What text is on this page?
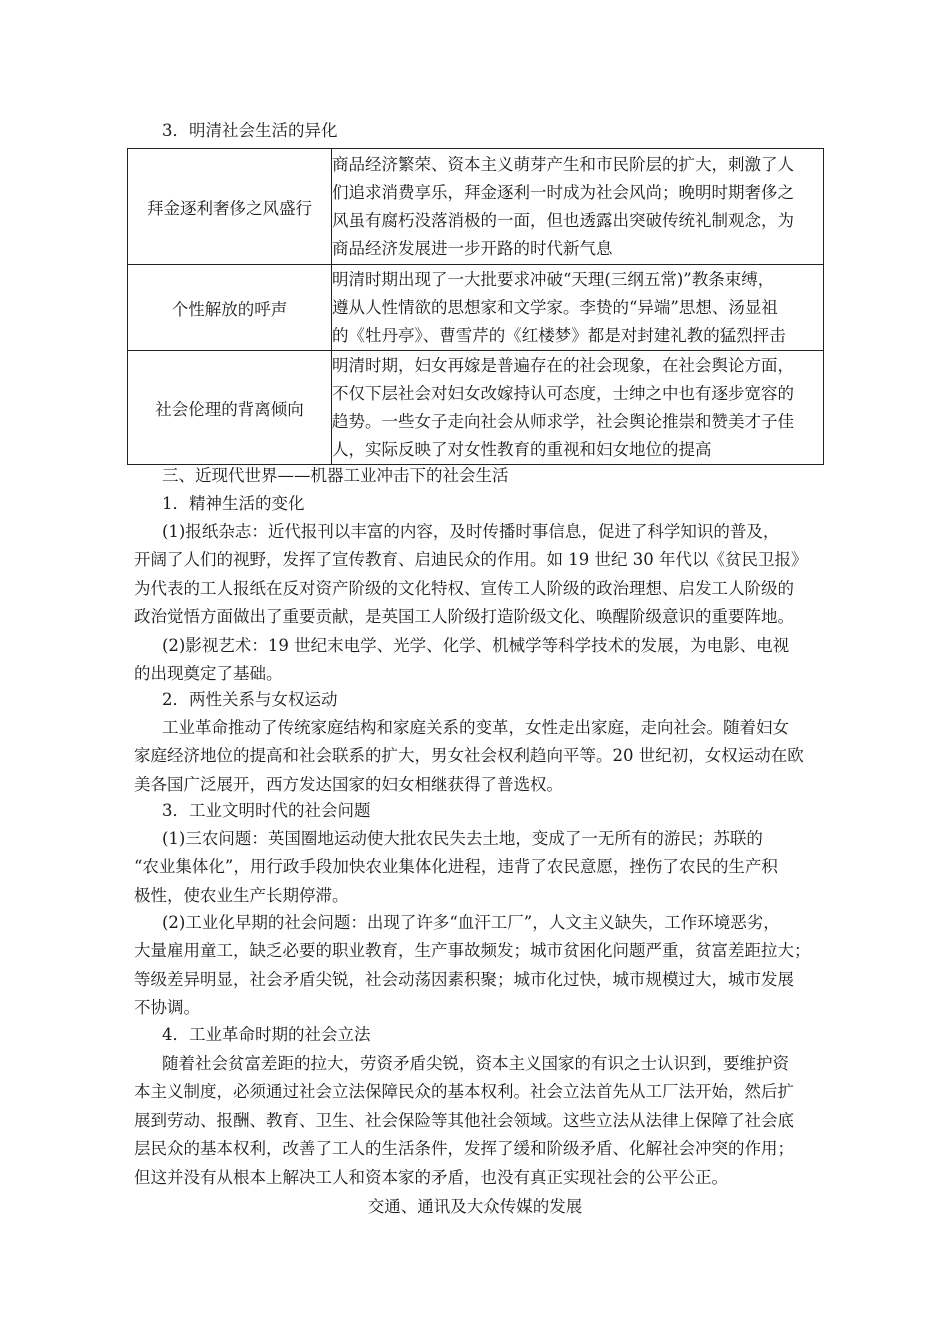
3．明清社会生活的异化
拜金逐利奢侈之风盛行	商品经济繁荣、资本主义萌芽产生和市民阶层的扩大，刺激了人
们追求消费享乐，拜金逐利一时成为社会风尚；晚明时期奢侈之
风虽有腐朽没落消极的一面，但也透露出突破传统礼制观念，为
商品经济发展进一步开路的时代新气息

个性解放的呼声	明清时期出现了一大批要求冲破“天理(三纲五常)”教条束缚，
遵从人性情欲的思想家和文学家。李贽的“异端”思想、汤显祖
的《牡丹亭》、曹雪芹的《红楼梦》都是对封建礼教的猛烈抨击

社会伦理的背离倾向	明清时期，妇女再嫁是普遍存在的社会现象，在社会舆论方面，
不仅下层社会对妇女改嫁持认可态度，士绅之中也有逐步宽容的
趋势。一些女子走向社会从师求学，社会舆论推崇和赞美才子佳
人，实际反映了对女性教育的重视和妇女地位的提高
三、近现代世界——机器工业冲击下的社会生活
1．精神生活的变化
(1)报纸杂志：近代报刊以丰富的内容，及时传播时事信息，促进了科学知识的普及，
开阔了人们的视野，发挥了宣传教育、启迪民众的作用。如 19 世纪 30 年代以《贫民卫报》
为代表的工人报纸在反对资产阶级的文化特权、宣传工人阶级的政治理想、启发工人阶级的
政治觉悟方面做出了重要贡献，是英国工人阶级打造阶级文化、唤醒阶级意识的重要阵地。
(2)影视艺术：19 世纪末电学、光学、化学、机械学等科学技术的发展，为电影、电视
的出现奠定了基础。
2．两性关系与女权运动
工业革命推动了传统家庭结构和家庭关系的变革，女性走出家庭，走向社会。随着妇女
家庭经济地位的提高和社会联系的扩大，男女社会权利趋向平等。20 世纪初，女权运动在欧
美各国广泛展开，西方发达国家的妇女相继获得了普选权。
3．工业文明时代的社会问题
(1)三农问题：英国圈地运动使大批农民失去土地，变成了一无所有的游民；苏联的
“农业集体化”，用行政手段加快农业集体化进程，违背了农民意愿，挫伤了农民的生产积
极性，使农业生产长期停滞。
(2)工业化早期的社会问题：出现了许多“血汗工厂”，人文主义缺失，工作环境恶劣，
大量雇用童工，缺乏必要的职业教育，生产事故频发；城市贫困化问题严重，贫富差距拉大；
等级差异明显，社会矛盾尖锐，社会动荡因素积聚；城市化过快，城市规模过大，城市发展
不协调。
4．工业革命时期的社会立法
随着社会贫富差距的拉大，劳资矛盾尖锐，资本主义国家的有识之士认识到，要维护资
本主义制度，必须通过社会立法保障民众的基本权利。社会立法首先从工厂法开始，然后扩
展到劳动、报酬、教育、卫生、社会保险等其他社会领域。这些立法从法律上保障了社会底
层民众的基本权利，改善了工人的生活条件，发挥了缓和阶级矛盾、化解社会冲突的作用；
但这并没有从根本上解决工人和资本家的矛盾，也没有真正实现社会的公平公正。
交通、通讯及大众传媒的发展
